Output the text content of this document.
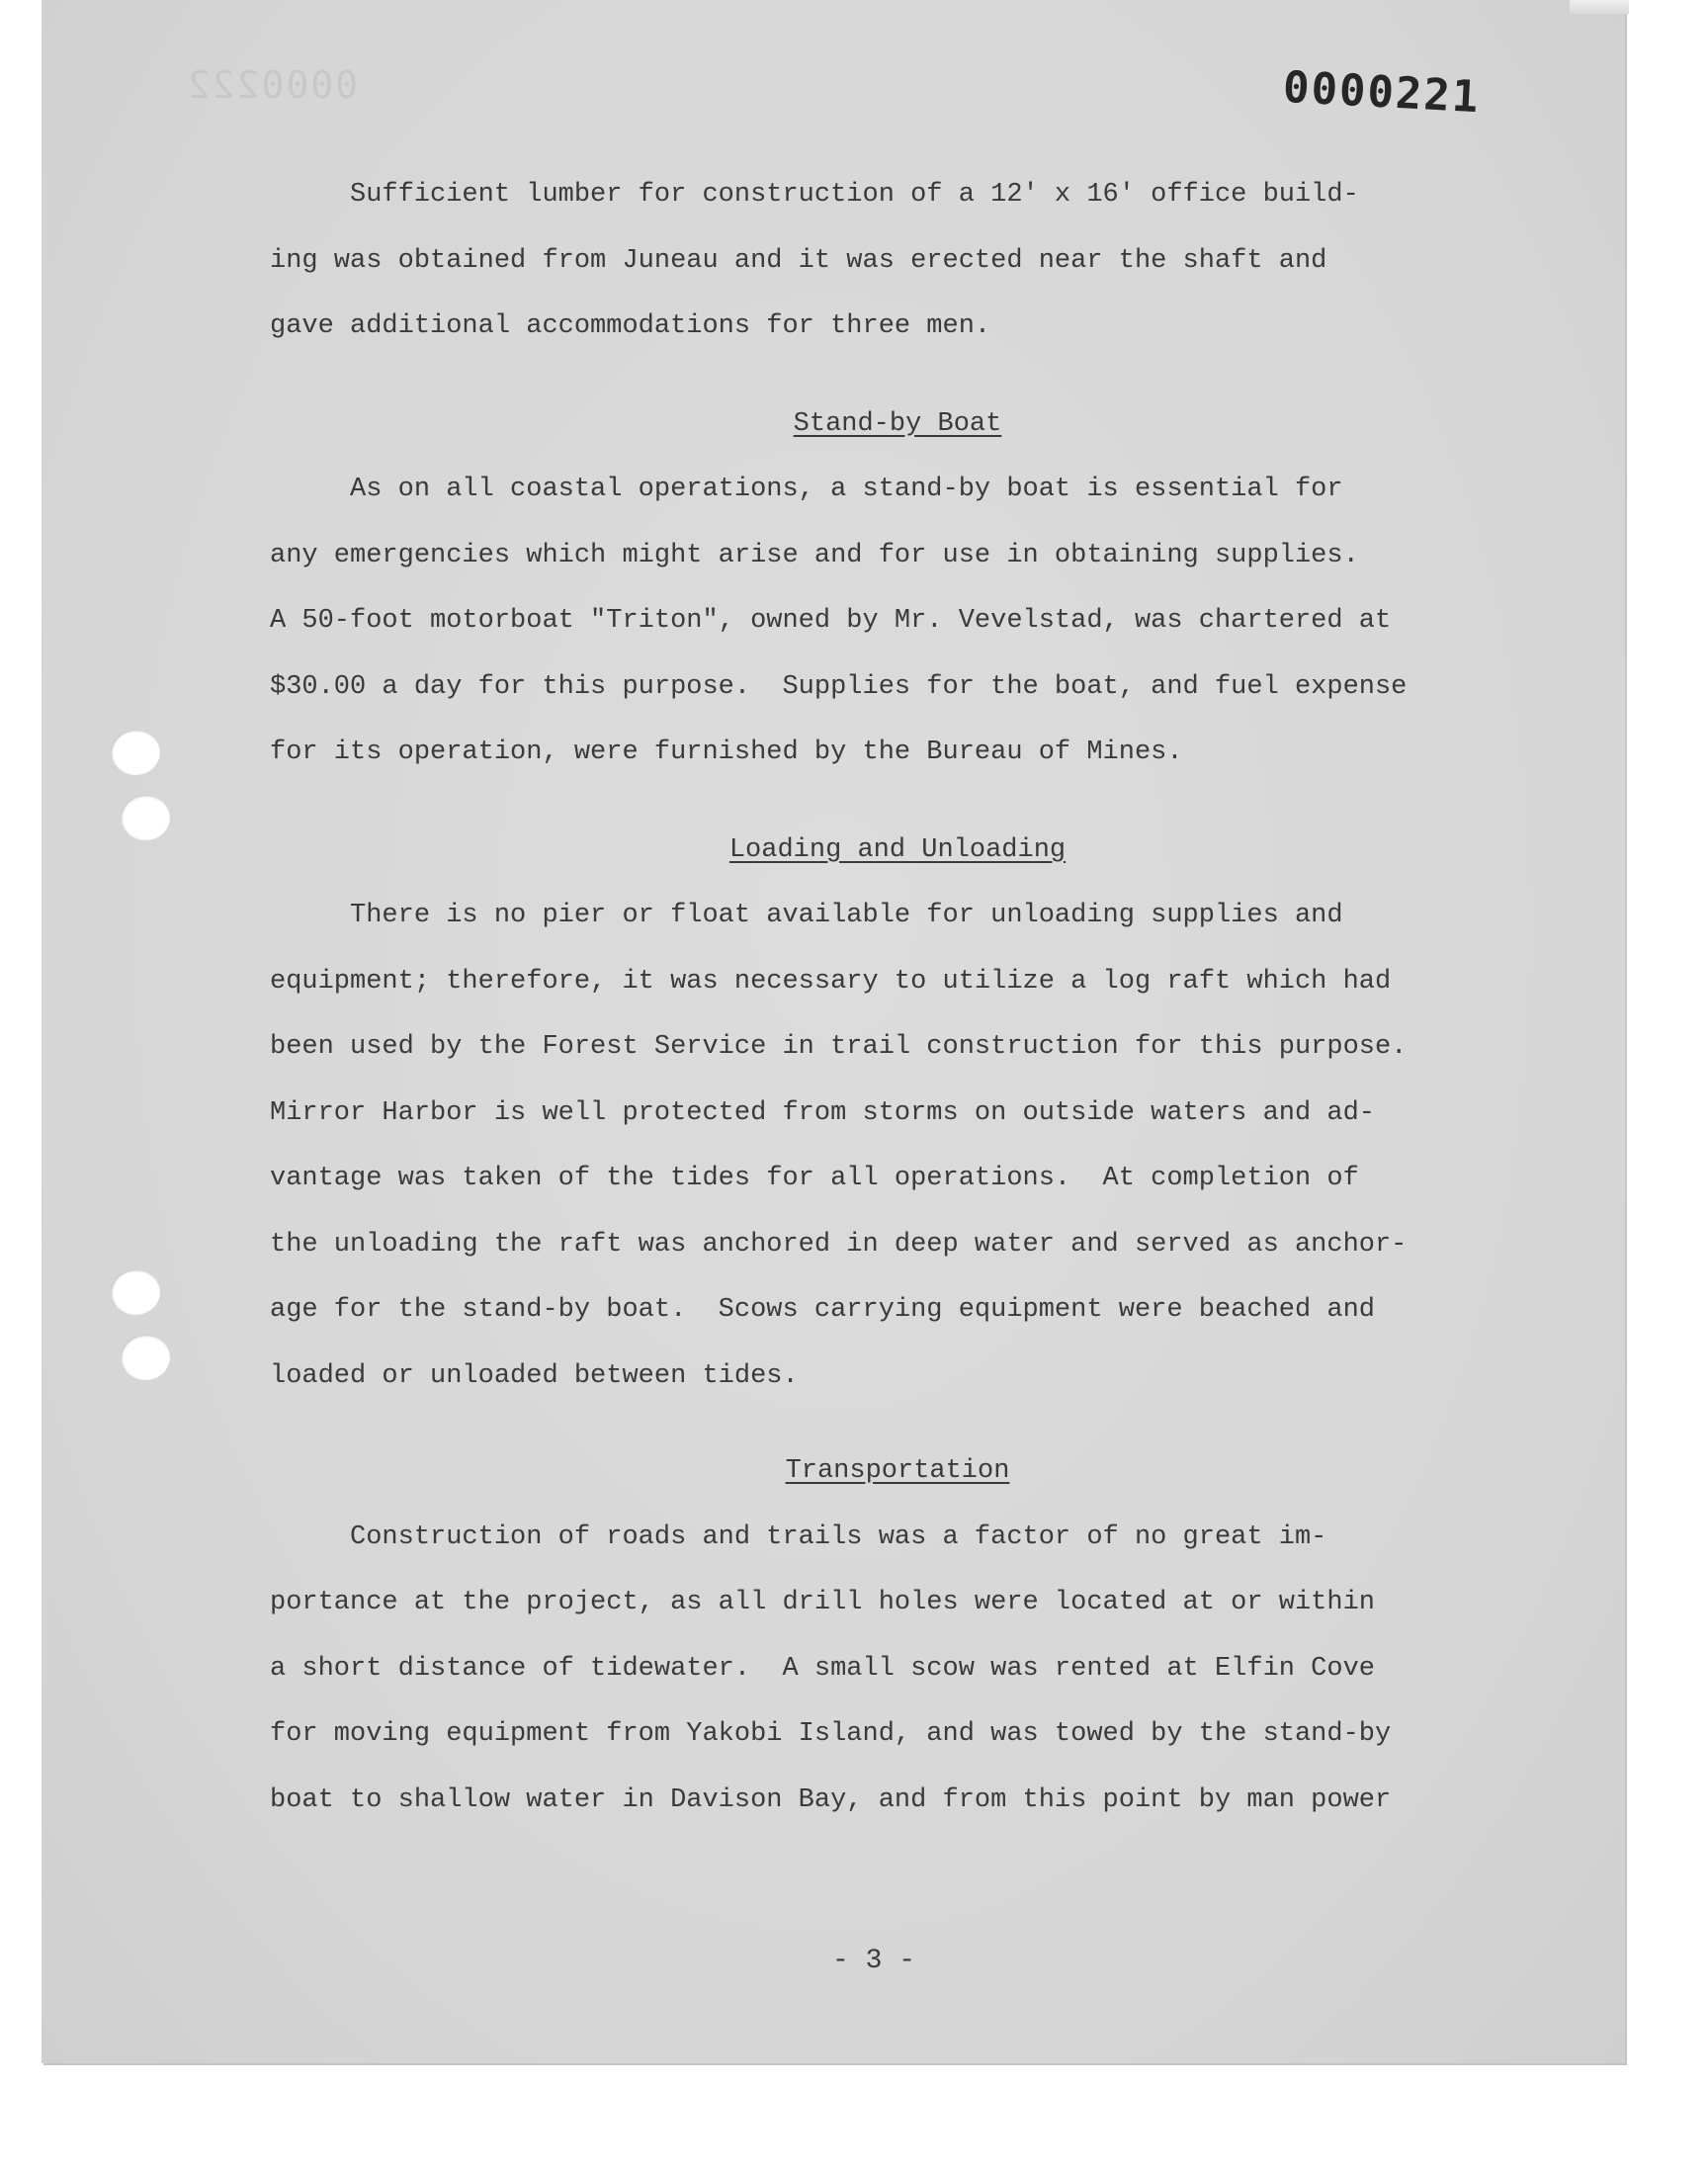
0000222	0000221

Sufficient lumber for construction of a 12' x 16' office build-

ing was obtained from Juneau and it was erected near the shaft and

gave additional accommodations for three men.

Stand-by Boat

As on all coastal operations, a stand-by boat is essential for

any emergencies which might arise and for use in obtaining supplies.

A 50-foot motorboat "Triton", owned by Mr. Vevelstad, was chartered at

$30.00 a day for this purpose.  Supplies for the boat, and fuel expense

for its operation, were furnished by the Bureau of Mines.

Loading and Unloading

There is no pier or float available for unloading supplies and

equipment; therefore, it was necessary to utilize a log raft which had

been used by the Forest Service in trail construction for this purpose.

Mirror Harbor is well protected from storms on outside waters and ad-

vantage was taken of the tides for all operations.  At completion of

the unloading the raft was anchored in deep water and served as anchor-

age for the stand-by boat.  Scows carrying equipment were beached and

loaded or unloaded between tides.

Transportation

Construction of roads and trails was a factor of no great im-

portance at the project, as all drill holes were located at or within

a short distance of tidewater.  A small scow was rented at Elfin Cove

for moving equipment from Yakobi Island, and was towed by the stand-by

boat to shallow water in Davison Bay, and from this point by man power

- 3 -
